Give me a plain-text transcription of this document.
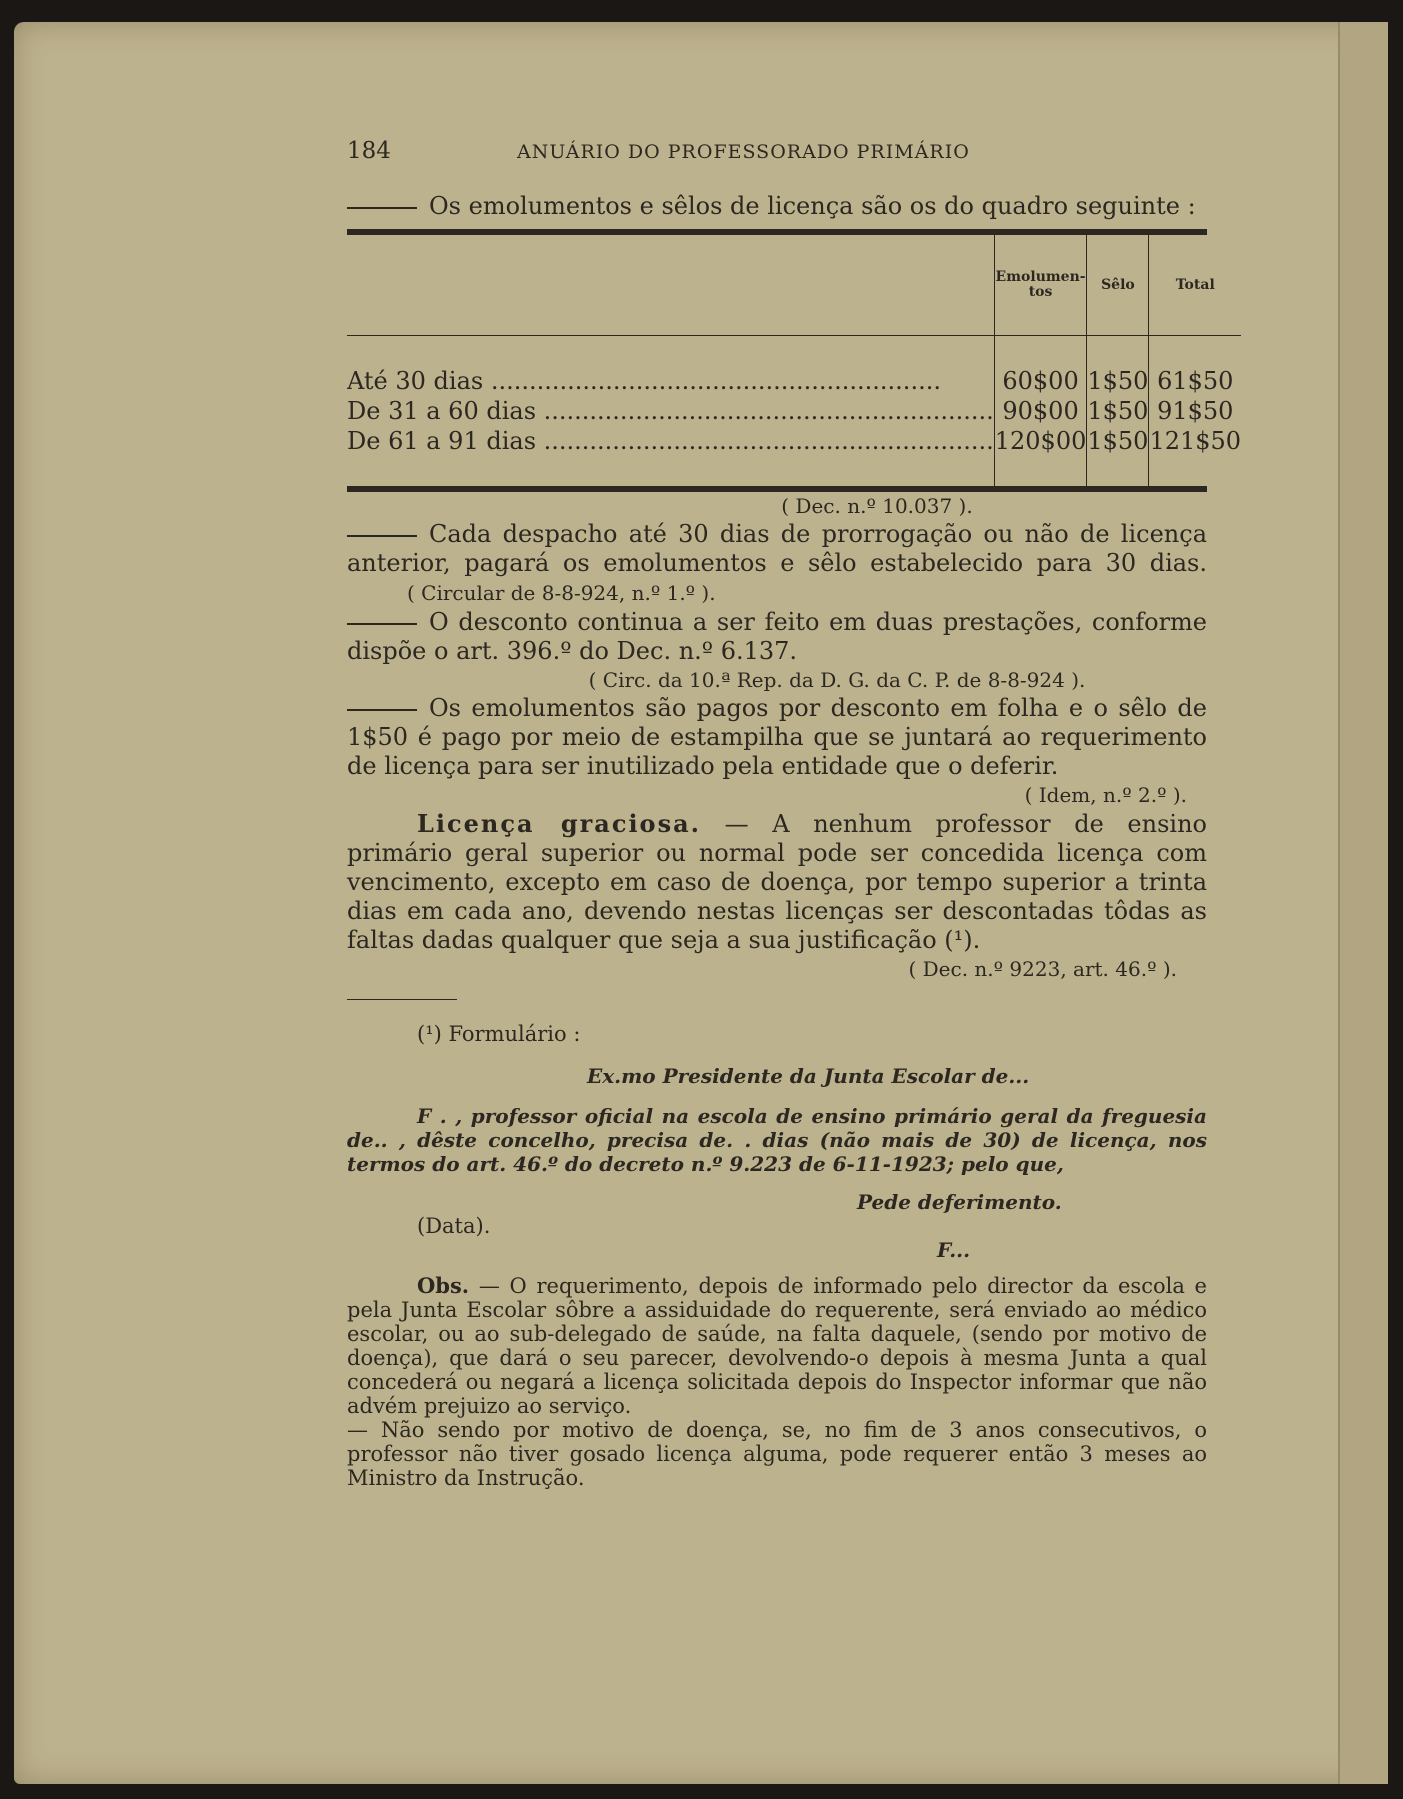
184	ANUÁRIO DO PROFESSORADO PRIMÁRIO

Os emolumentos e sêlos de licença são os do quadro seguinte :

	Emolumen-tos	Sêlo	Total

Até 30 dias .....	60$00	1$50	61$50
De 31 a 60 dias .....	90$00	1$50	91$50
De 61 a 91 dias .....	120$00	1$50	121$50

( Dec. n.º 10.037 ).

Cada despacho até 30 dias de prorrogação ou não de licença anterior, pagará os emolumentos e sêlo estabelecido para 30 dias. ( Circular de 8-8-924, n.º 1.º ).

O desconto continua a ser feito em duas prestações, conforme dispõe o art. 396.º do Dec. n.º 6.137.

( Circ. da 10.ª Rep. da D. G. da C. P. de 8-8-924 ).

Os emolumentos são pagos por desconto em folha e o sêlo de 1$50 é pago por meio de estampilha que se juntará ao requerimento de licença para ser inutilizado pela entidade que o deferir.

( Idem, n.º 2.º ).

Licença graciosa. — A nenhum professor de ensino primário geral superior ou normal pode ser concedida licença com vencimento, excepto em caso de doença, por tempo superior a trinta dias em cada ano, devendo nestas licenças ser descontadas tôdas as faltas dadas qualquer que seja a sua justificação (¹).

( Dec. n.º 9223, art. 46.º ).

(¹) Formulário :

Ex.mo Presidente da Junta Escolar de...

F . , professor oficial na escola de ensino primário geral da freguesia de.. , dêste concelho, precisa de. . dias (não mais de 30) de licença, nos termos do art. 46.º do decreto n.º 9.223 de 6-11-1923; pelo que,

Pede deferimento.

(Data).

F...

Obs. — O requerimento, depois de informado pelo director da escola e pela Junta Escolar sôbre a assiduidade do requerente, será enviado ao médico escolar, ou ao sub-delegado de saúde, na falta daquele, (sendo por motivo de doença), que dará o seu parecer, devolvendo-o depois à mesma Junta a qual concederá ou negará a licença solicitada depois do Inspector informar que não advém prejuizo ao serviço.

— Não sendo por motivo de doença, se, no fim de 3 anos consecutivos, o professor não tiver gosado licença alguma, pode requerer então 3 meses ao Ministro da Instrução.
